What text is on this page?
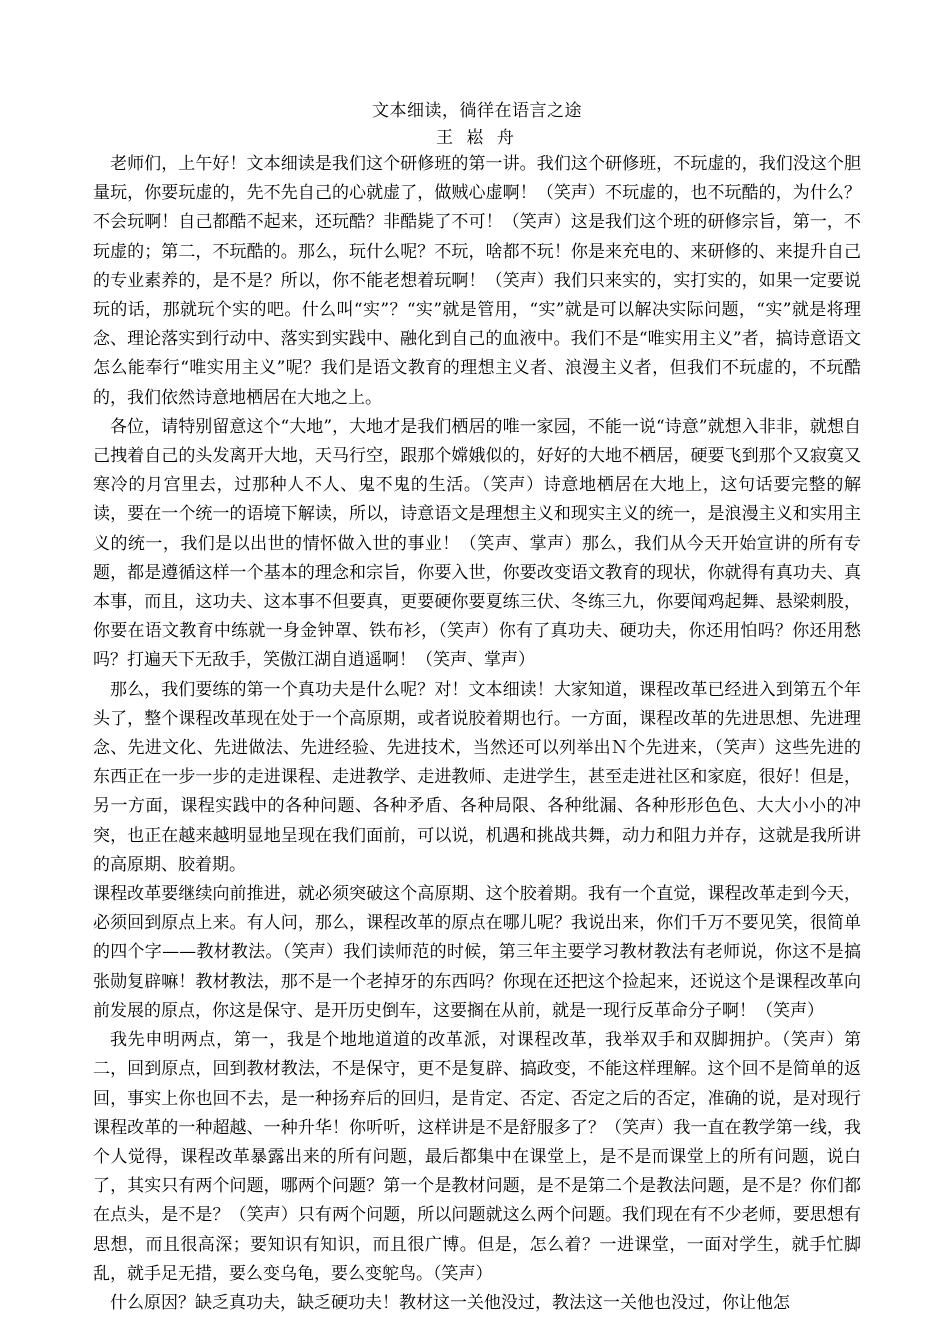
文本细读，徜徉在语言之途
王 崧 舟

老师们，上午好！文本细读是我们这个研修班的第一讲。我们这个研修班，不玩虚的，我们没这个胆量玩，你要玩虚的，先不先自己的心就虚了，做贼心虚啊！（笑声）不玩虚的，也不玩酷的，为什么？不会玩啊！自己都酷不起来，还玩酷？非酷毙了不可！（笑声）这是我们这个班的研修宗旨，第一，不玩虚的；第二，不玩酷的。那么，玩什么呢？不玩，啥都不玩！你是来充电的、来研修的、来提升自己的专业素养的，是不是？所以，你不能老想着玩啊！（笑声）我们只来实的，实打实的，如果一定要说玩的话，那就玩个实的吧。什么叫“实”？“实”就是管用，“实”就是可以解决实际问题，“实”就是将理念、理论落实到行动中、落实到实践中、融化到自己的血液中。我们不是“唯实用主义”者，搞诗意语文怎么能奉行“唯实用主义”呢？我们是语文教育的理想主义者、浪漫主义者，但我们不玩虚的，不玩酷的，我们依然诗意地栖居在大地之上。

各位，请特别留意这个“大地”，大地才是我们栖居的唯一家园，不能一说“诗意”就想入非非，就想自己拽着自己的头发离开大地，天马行空，跟那个嫦娥似的，好好的大地不栖居，硬要飞到那个又寂寞又寒冷的月宫里去，过那种人不人、鬼不鬼的生活。（笑声）诗意地栖居在大地上，这句话要完整的解读，要在一个统一的语境下解读，所以，诗意语文是理想主义和现实主义的统一，是浪漫主义和实用主义的统一，我们是以出世的情怀做入世的事业！（笑声、掌声）那么，我们从今天开始宣讲的所有专题，都是遵循这样一个基本的理念和宗旨，你要入世，你要改变语文教育的现状，你就得有真功夫、真本事，而且，这功夫、这本事不但要真，更要硬你要夏练三伏、冬练三九，你要闻鸡起舞、悬梁刺股，你要在语文教育中练就一身金钟罩、铁布衫，（笑声）你有了真功夫、硬功夫，你还用怕吗？你还用愁吗？打遍天下无敌手，笑傲江湖自逍遥啊！（笑声、掌声）

那么，我们要练的第一个真功夫是什么呢？对！文本细读！大家知道，课程改革已经进入到第五个年头了，整个课程改革现在处于一个高原期，或者说胶着期也行。一方面，课程改革的先进思想、先进理念、先进文化、先进做法、先进经验、先进技术，当然还可以列举出Ｎ个先进来，（笑声）这些先进的东西正在一步一步的走进课程、走进教学、走进教师、走进学生，甚至走进社区和家庭，很好！但是，另一方面，课程实践中的各种问题、各种矛盾、各种局限、各种纰漏、各种形形色色、大大小小的冲突，也正在越来越明显地呈现在我们面前，可以说，机遇和挑战共舞，动力和阻力并存，这就是我所讲的高原期、胶着期。

课程改革要继续向前推进，就必须突破这个高原期、这个胶着期。我有一个直觉，课程改革走到今天，必须回到原点上来。有人问，那么，课程改革的原点在哪儿呢？我说出来，你们千万不要见笑，很简单的四个字——教材教法。（笑声）我们读师范的时候，第三年主要学习教材教法有老师说，你这不是搞张勋复辟嘛！教材教法，那不是一个老掉牙的东西吗？你现在还把这个捡起来，还说这个是课程改革向前发展的原点，你这是保守、是开历史倒车，这要搁在从前，就是一现行反革命分子啊！（笑声）

我先申明两点，第一，我是个地地道道的改革派，对课程改革，我举双手和双脚拥护。（笑声）第二，回到原点，回到教材教法，不是保守，更不是复辟、搞政变，不能这样理解。这个回不是简单的返回，事实上你也回不去，是一种扬弃后的回归，是肯定、否定、否定之后的否定，准确的说，是对现行课程改革的一种超越、一种升华！你听听，这样讲是不是舒服多了？（笑声）我一直在教学第一线，我个人觉得，课程改革暴露出来的所有问题，最后都集中在课堂上，是不是而课堂上的所有问题，说白了，其实只有两个问题，哪两个问题？第一个是教材问题，是不是第二个是教法问题，是不是？你们都在点头，是不是？（笑声）只有两个问题，所以问题就这么两个问题。我们现在有不少老师，要思想有思想，而且很高深；要知识有知识，而且很广博。但是，怎么着？一进课堂，一面对学生，就手忙脚乱，就手足无措，要么变乌龟，要么变鸵鸟。（笑声）

什么原因？缺乏真功夫，缺乏硬功夫！教材这一关他没过，教法这一关他也没过，你让他怎
